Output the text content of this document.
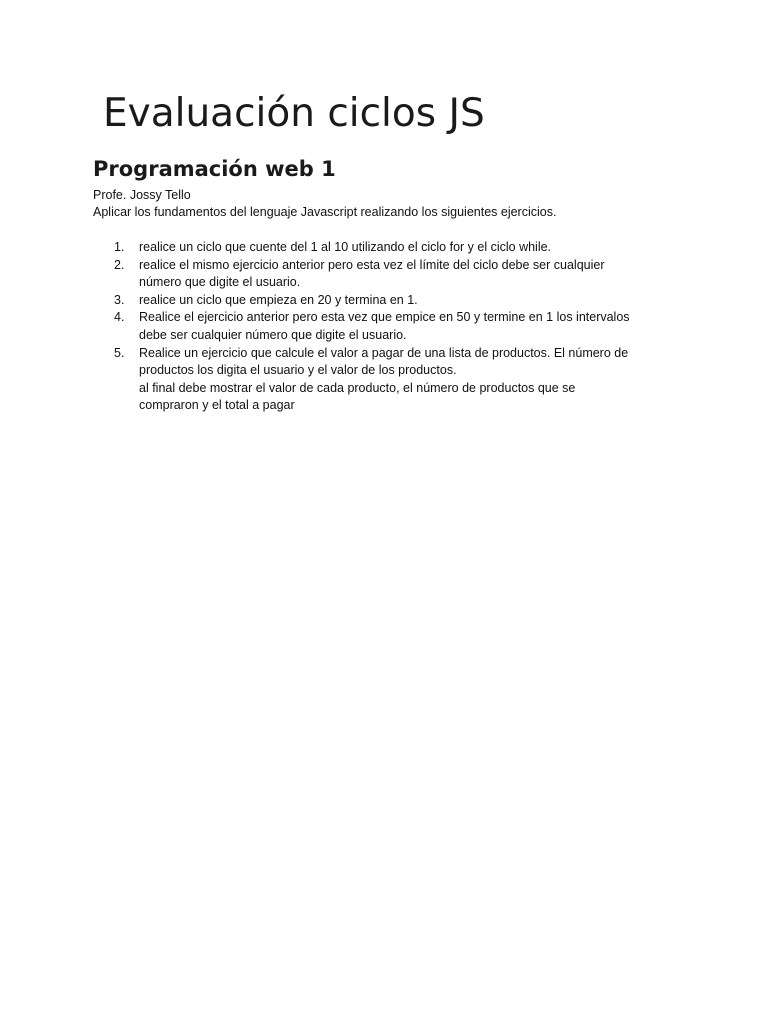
Evaluación ciclos JS
Programación web 1

Profe. Jossy Tello

Aplicar los fundamentos del lenguaje Javascript realizando los siguientes ejercicios.

1. realice un ciclo que cuente del 1 al 10 utilizando el ciclo for y el ciclo while.
2. realice el mismo ejercicio anterior pero esta vez el límite del ciclo debe ser cualquier
número que digite el usuario.
3. realice un ciclo que empieza en 20 y termina en 1.
4. Realice el ejercicio anterior pero esta vez que empice en 50 y termine en 1 los intervalos
debe ser cualquier número que digite el usuario.
5. Realice un ejercicio que calcule el valor a pagar de una lista de productos. El número de
productos los digita el usuario y el valor de los productos.
al final debe mostrar el valor de cada producto, el número de productos que se
compraron y el total a pagar
